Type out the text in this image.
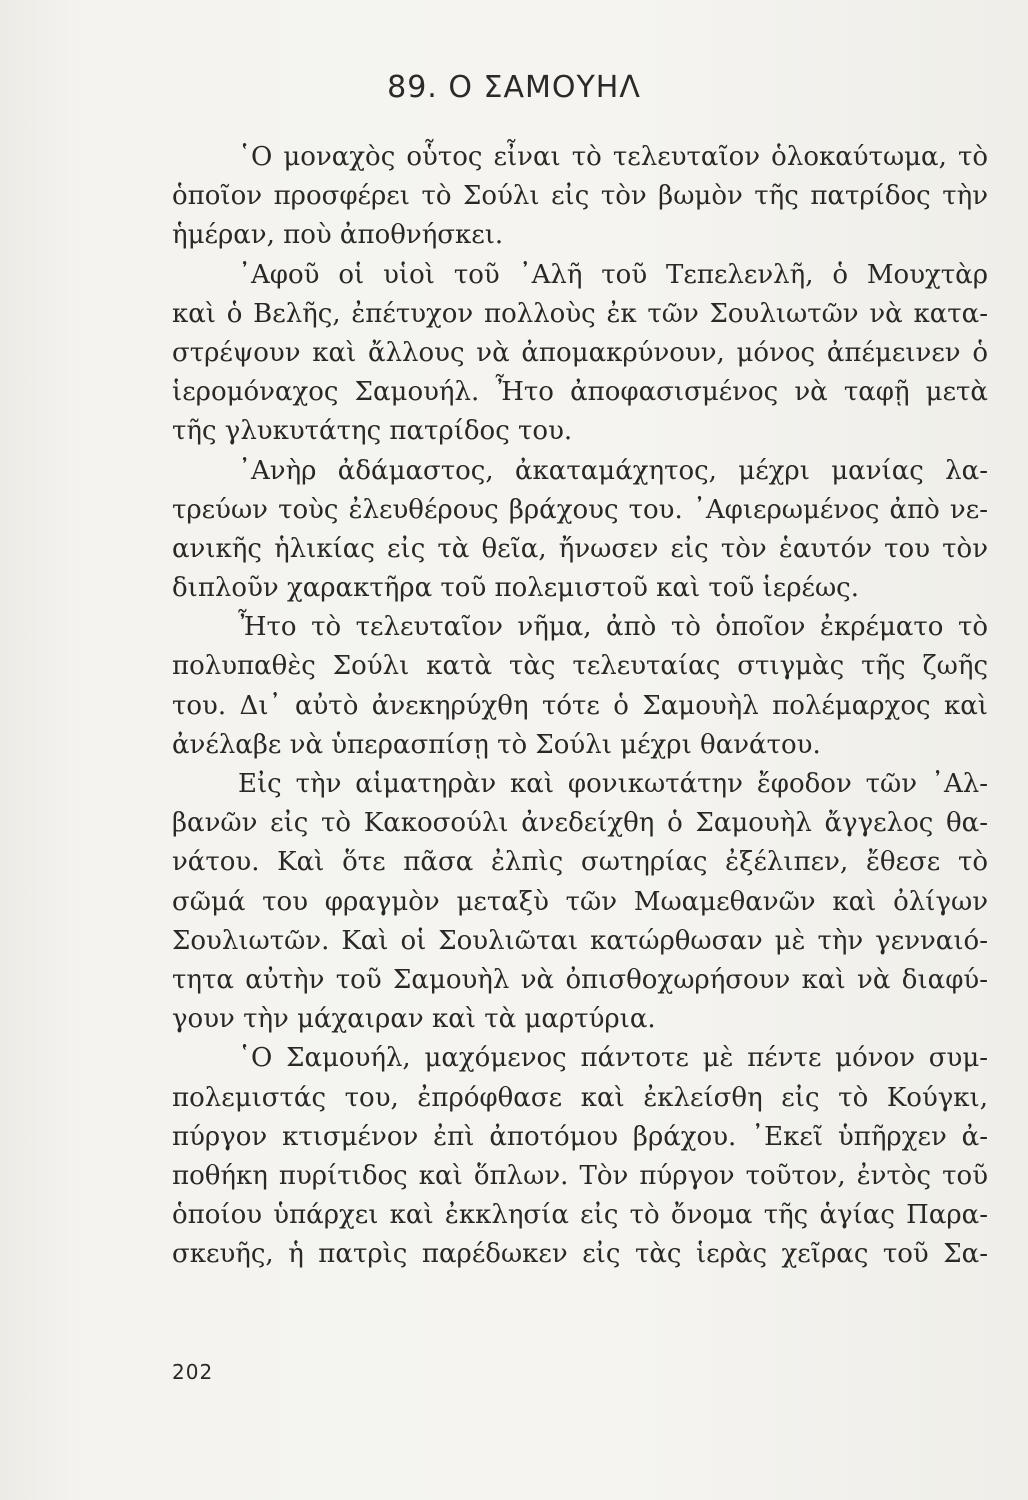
89. Ο ΣΑΜΟΥΗΛ
῾Ο μοναχὸς οὗτος εἶναι τὸ τελευταῖον ὁλοκαύτωμα, τὸ
ὁποῖον προσφέρει τὸ Σούλι εἰς τὸν βωμὸν τῆς πατρίδος τὴν
ἡμέραν, ποὺ ἀποθνήσκει.
᾿Αφοῦ οἱ υἱοὶ τοῦ ᾿Αλῆ τοῦ Τεπελενλῆ, ὁ Μουχτὰρ
καὶ ὁ Βελῆς, ἐπέτυχον πολλοὺς ἐκ τῶν Σουλιωτῶν νὰ κατα-
στρέψουν καὶ ἄλλους νὰ ἀπομακρύνουν, μόνος ἀπέμεινεν ὁ
ἱερομόναχος Σαμουήλ. Ἦτο ἀποφασισμένος νὰ ταφῇ μετὰ
τῆς γλυκυτάτης πατρίδος του.
᾿Ανὴρ ἀδάμαστος, ἀκαταμάχητος, μέχρι μανίας λα-
τρεύων τοὺς ἐλευθέρους βράχους του. ᾿Αφιερωμένος ἀπὸ νε-
ανικῆς ἡλικίας εἰς τὰ θεῖα, ἤνωσεν εἰς τὸν ἑαυτόν του τὸν
διπλοῦν χαρακτῆρα τοῦ πολεμιστοῦ καὶ τοῦ ἱερέως.
Ἦτο τὸ τελευταῖον νῆμα, ἀπὸ τὸ ὁποῖον ἐκρέματο τὸ
πολυπαθὲς Σούλι κατὰ τὰς τελευταίας στιγμὰς τῆς ζωῆς
του. Δι᾿ αὐτὸ ἀνεκηρύχθη τότε ὁ Σαμουὴλ πολέμαρχος καὶ
ἀνέλαβε νὰ ὑπερασπίσῃ τὸ Σούλι μέχρι θανάτου.
Εἰς τὴν αἱματηρὰν καὶ φονικωτάτην ἔφοδον τῶν ᾿Αλ-
βανῶν εἰς τὸ Κακοσούλι ἀνεδείχθη ὁ Σαμουὴλ ἄγγελος θα-
νάτου. Καὶ ὅτε πᾶσα ἐλπὶς σωτηρίας ἐξέλιπεν, ἔθεσε τὸ
σῶμά του φραγμὸν μεταξὺ τῶν Μωαμεθανῶν καὶ ὀλίγων
Σουλιωτῶν. Καὶ οἱ Σουλιῶται κατώρθωσαν μὲ τὴν γενναιό-
τητα αὐτὴν τοῦ Σαμουὴλ νὰ ὀπισθοχωρήσουν καὶ νὰ διαφύ-
γουν τὴν μάχαιραν καὶ τὰ μαρτύρια.
῾Ο Σαμουήλ, μαχόμενος πάντοτε μὲ πέντε μόνον συμ-
πολεμιστάς του, ἐπρόφθασε καὶ ἐκλείσθη εἰς τὸ Κούγκι,
πύργον κτισμένον ἐπὶ ἀποτόμου βράχου. ᾿Εκεῖ ὑπῆρχεν ἀ-
ποθήκη πυρίτιδος καὶ ὅπλων. Τὸν πύργον τοῦτον, ἐντὸς τοῦ
ὁποίου ὑπάρχει καὶ ἐκκλησία εἰς τὸ ὄνομα τῆς ἁγίας Παρα-
σκευῆς, ἡ πατρὶς παρέδωκεν εἰς τὰς ἱερὰς χεῖρας τοῦ Σα-
202
